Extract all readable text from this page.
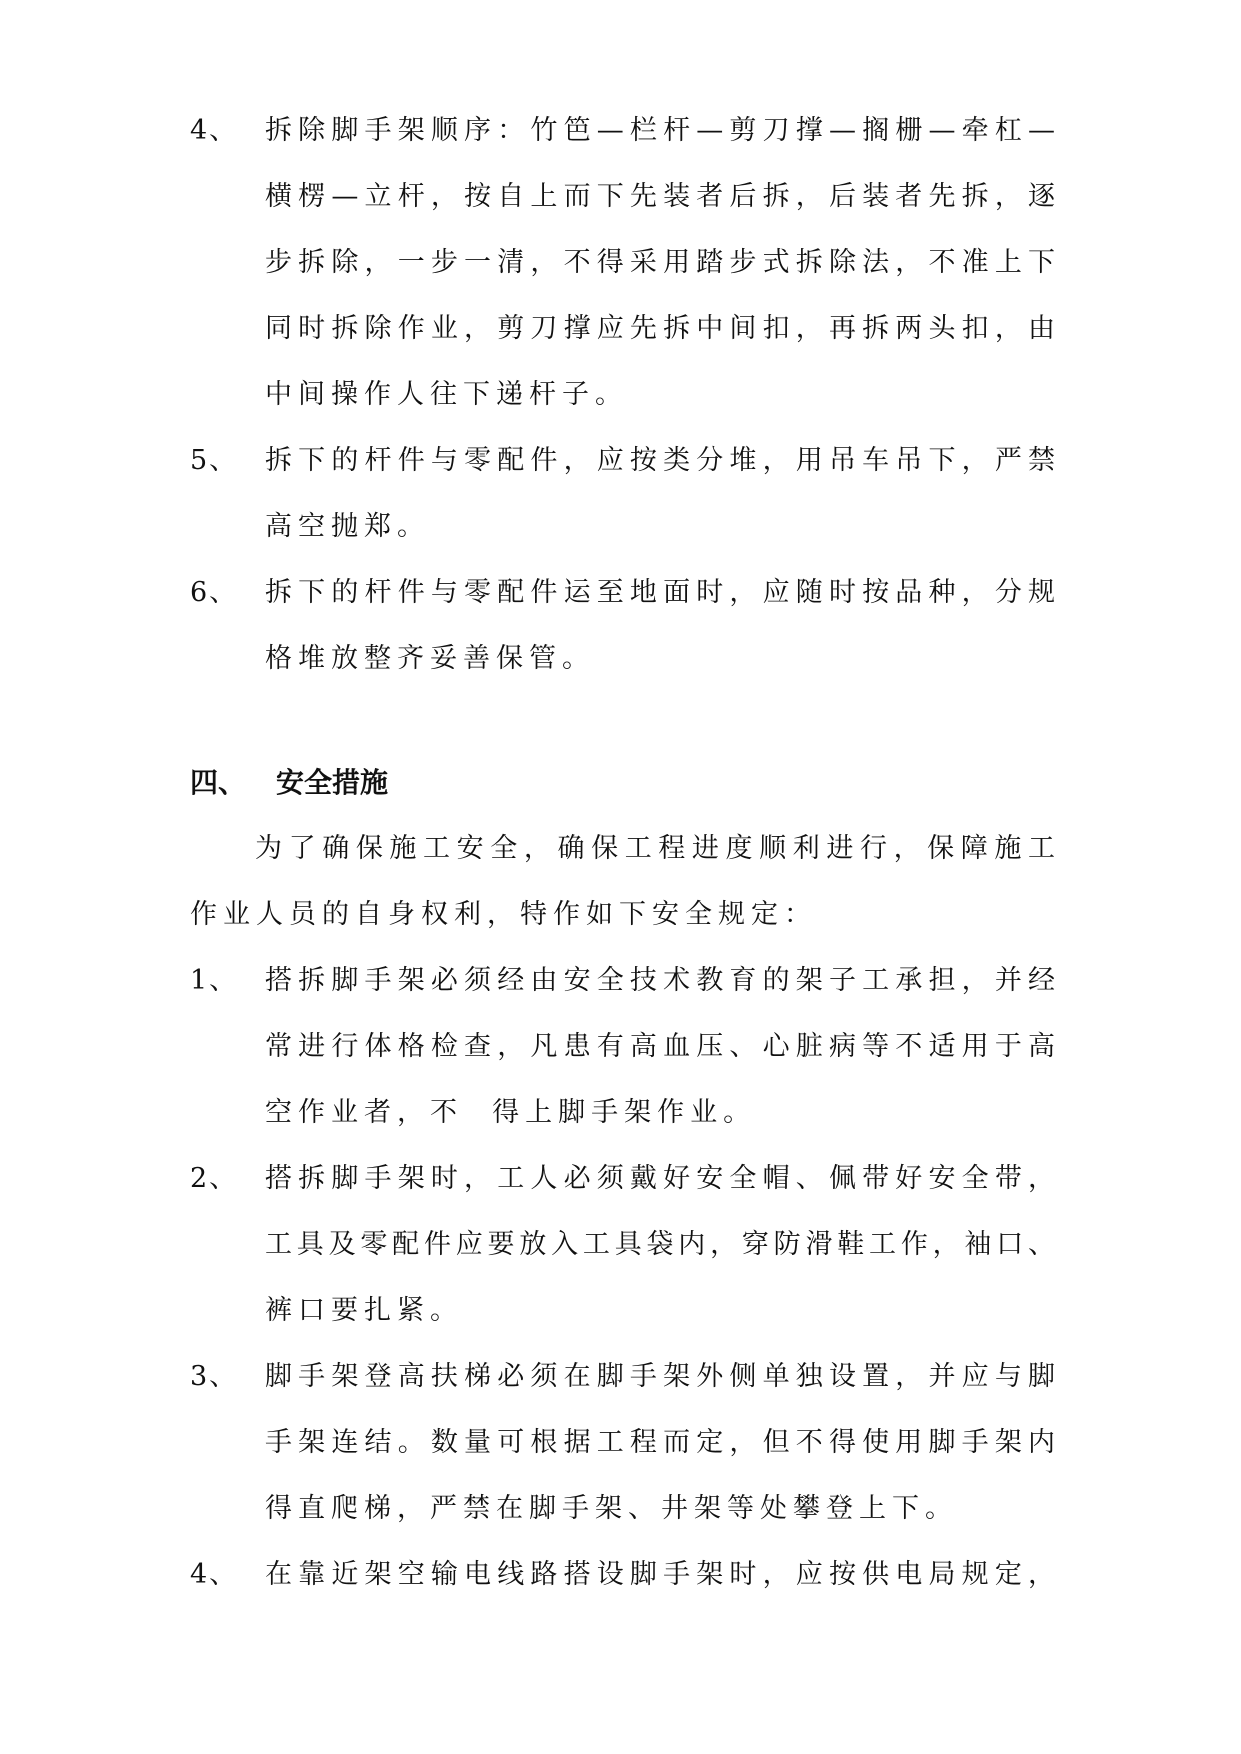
4、 拆除脚手架顺序：竹笆—栏杆—剪刀撑—搁栅—牵杠—
横楞—立杆，按自上而下先装者后拆，后装者先拆，逐
步拆除，一步一清，不得采用踏步式拆除法，不准上下
同时拆除作业，剪刀撑应先拆中间扣，再拆两头扣，由
中间操作人往下递杆子。
5、 拆下的杆件与零配件，应按类分堆，用吊车吊下，严禁
高空抛郑。
6、 拆下的杆件与零配件运至地面时，应随时按品种，分规
格堆放整齐妥善保管。
四、 安全措施
为了确保施工安全，确保工程进度顺利进行，保障施工
作业人员的自身权利，特作如下安全规定：
1、 搭拆脚手架必须经由安全技术教育的架子工承担，并经
常进行体格检查，凡患有高血压、心脏病等不适用于高
空作业者，不  得上脚手架作业。
2、 搭拆脚手架时，工人必须戴好安全帽、佩带好安全带，
工具及零配件应要放入工具袋内，穿防滑鞋工作，袖口、
裤口要扎紧。
3、 脚手架登高扶梯必须在脚手架外侧单独设置，并应与脚
手架连结。数量可根据工程而定，但不得使用脚手架内
得直爬梯，严禁在脚手架、井架等处攀登上下。
4、 在靠近架空输电线路搭设脚手架时，应按供电局规定，
